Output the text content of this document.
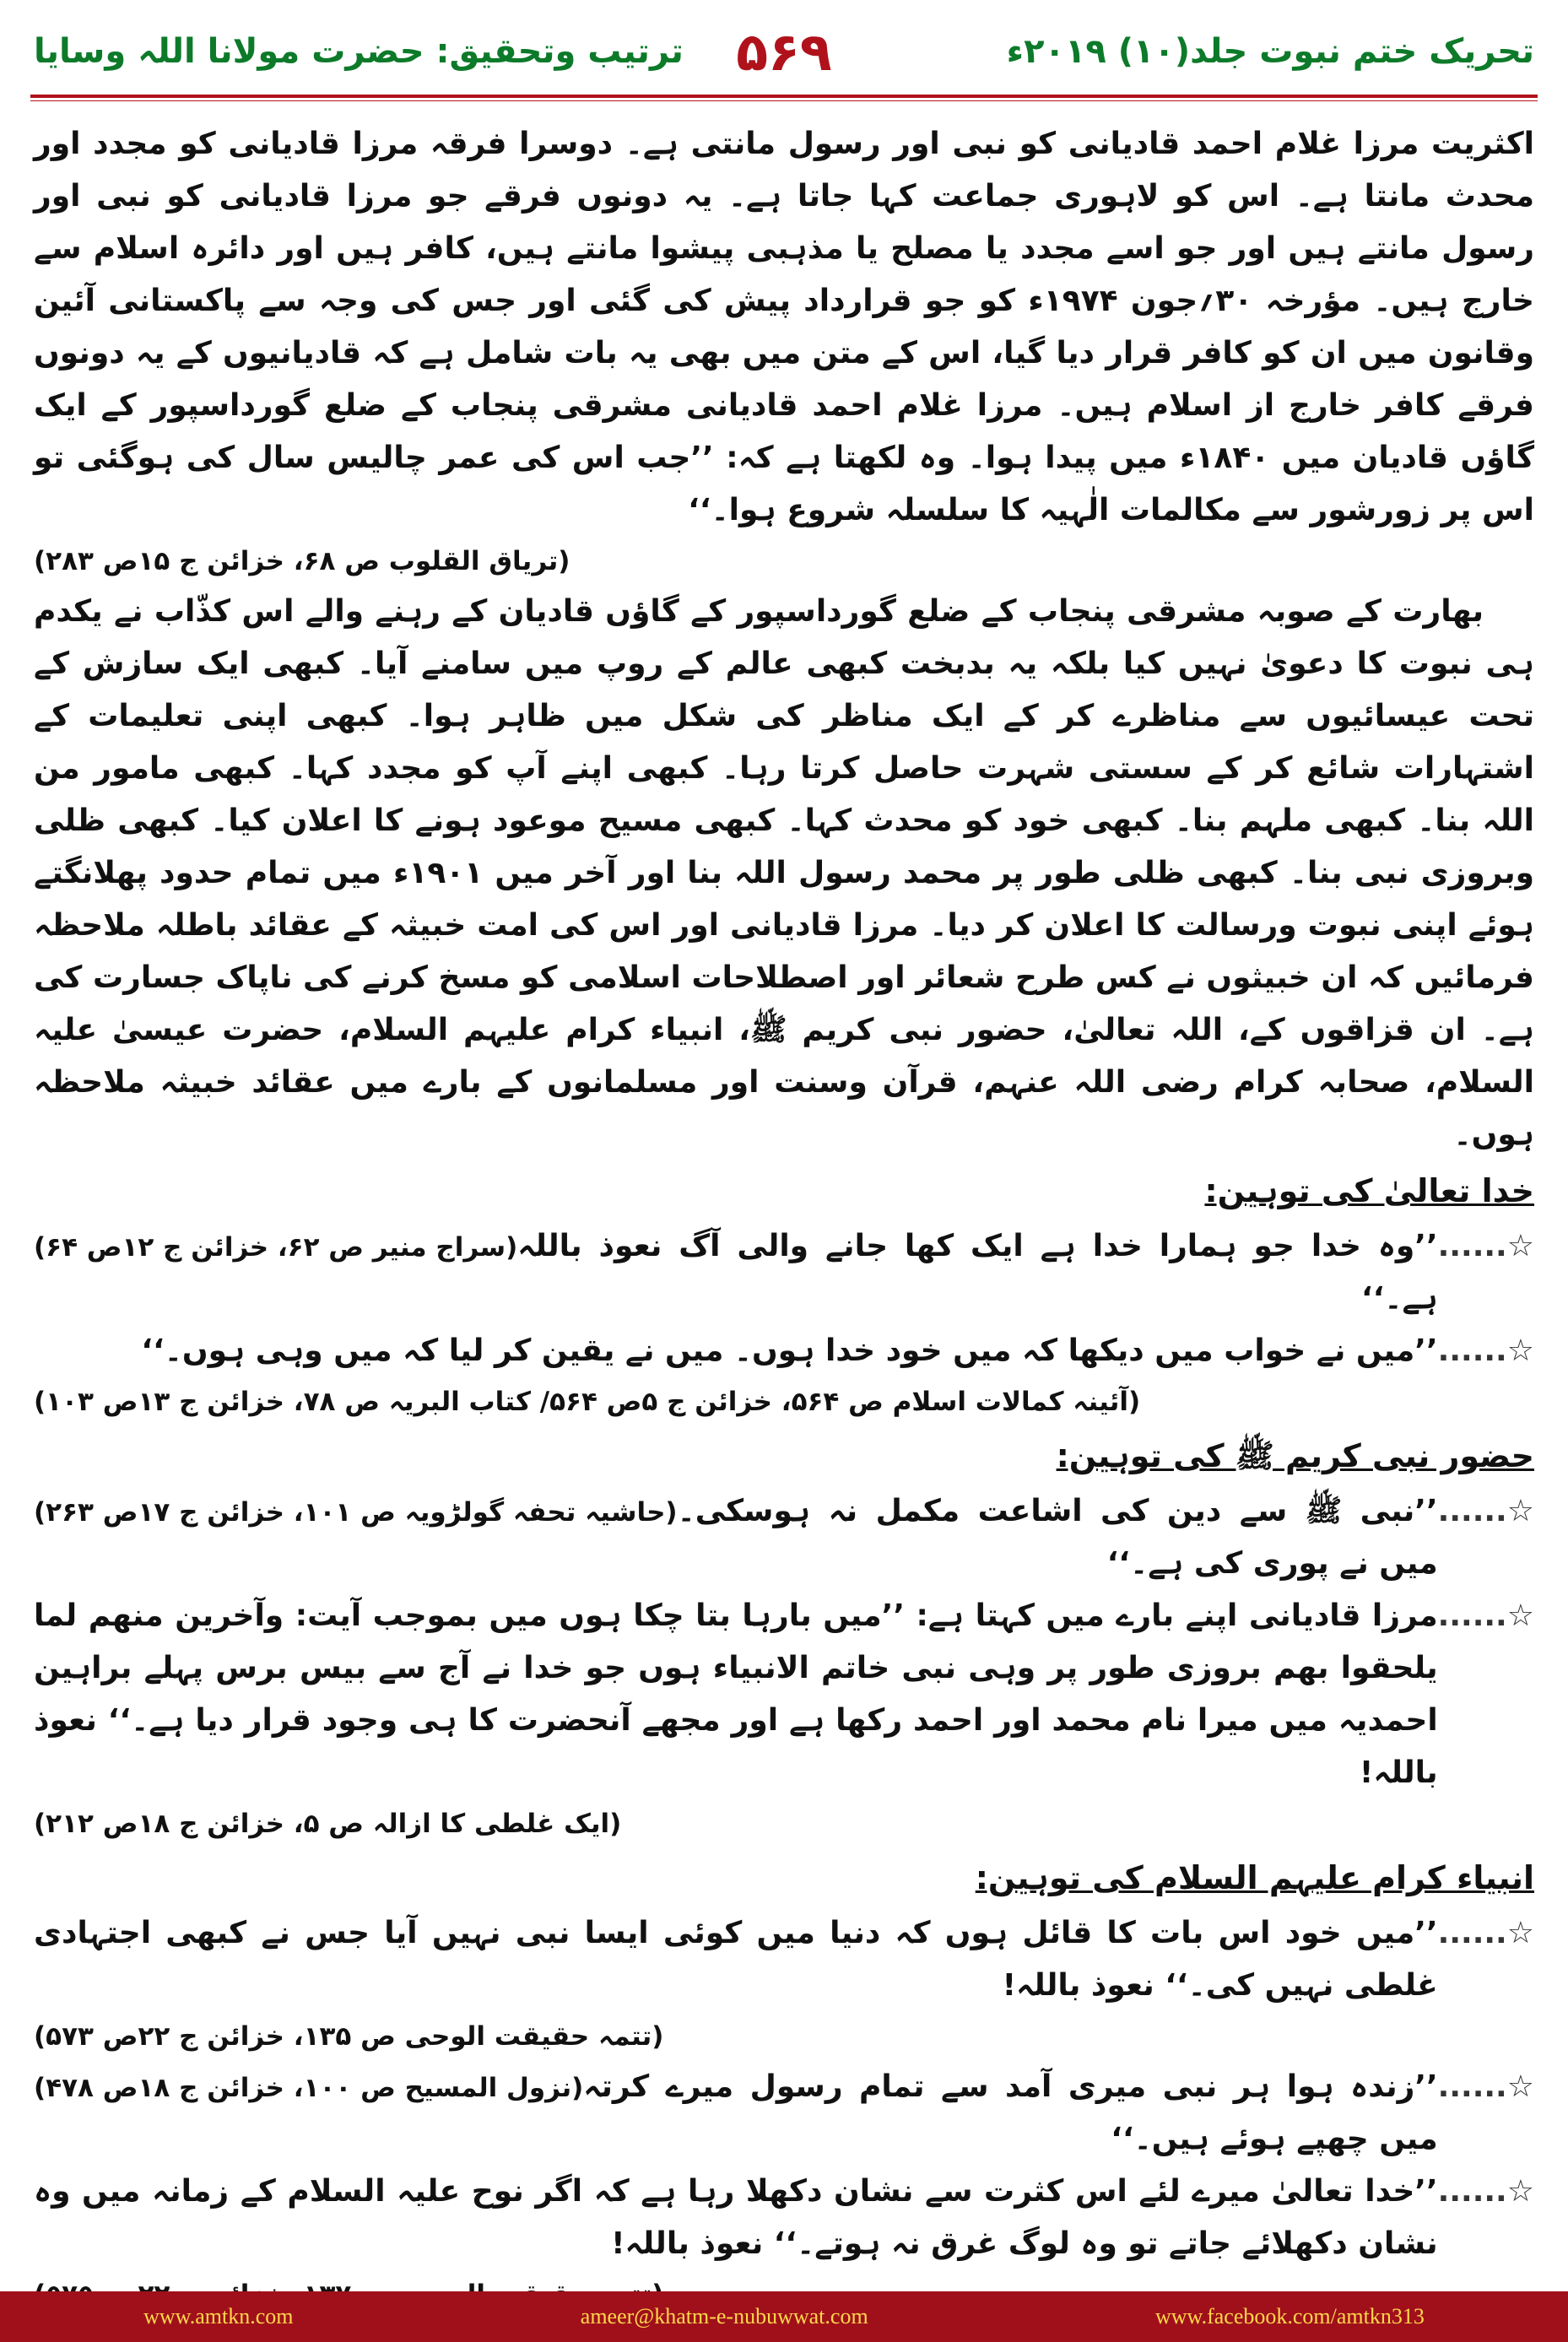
تحریک ختم نبوت جلد(۱۰) ۲۰۱۹ء
۵۶۹
ترتیب وتحقیق: حضرت مولانا اللہ وسایا

اکثریت مرزا غلام احمد قادیانی کو نبی اور رسول مانتی ہے۔ دوسرا فرقہ مرزا قادیانی کو مجدد اور محدث مانتا ہے۔ اس کو لاہوری جماعت کہا جاتا ہے۔ یہ دونوں فرقے جو مرزا قادیانی کو نبی اور رسول مانتے ہیں اور جو اسے مجدد یا مصلح یا مذہبی پیشوا مانتے ہیں، کافر ہیں اور دائرہ اسلام سے خارج ہیں۔ مؤرخہ ۳۰؍جون ۱۹۷۴ء کو جو قرارداد پیش کی گئی اور جس کی وجہ سے پاکستانی آئین وقانون میں ان کو کافر قرار دیا گیا، اس کے متن میں بھی یہ بات شامل ہے کہ قادیانیوں کے یہ دونوں فرقے کافر خارج از اسلام ہیں۔ مرزا غلام احمد قادیانی مشرقی پنجاب کے ضلع گورداسپور کے ایک گاؤں قادیان میں ۱۸۴۰ء میں پیدا ہوا۔ وہ لکھتا ہے کہ: ’’جب اس کی عمر چالیس سال کی ہوگئی تو اس پر زورشور سے مکالمات الٰہیہ کا سلسلہ شروع ہوا۔‘‘

(تریاق القلوب ص ۶۸، خزائن ج ۱۵ص ۲۸۳)

بھارت کے صوبہ مشرقی پنجاب کے ضلع گورداسپور کے گاؤں قادیان کے رہنے والے اس کذّاب نے یکدم ہی نبوت کا دعویٰ نہیں کیا بلکہ یہ بدبخت کبھی عالم کے روپ میں سامنے آیا۔ کبھی ایک سازش کے تحت عیسائیوں سے مناظرے کر کے ایک مناظر کی شکل میں ظاہر ہوا۔ کبھی اپنی تعلیمات کے اشتہارات شائع کر کے سستی شہرت حاصل کرتا رہا۔ کبھی اپنے آپ کو مجدد کہا۔ کبھی مامور من اللہ بنا۔ کبھی ملہم بنا۔ کبھی خود کو محدث کہا۔ کبھی مسیح موعود ہونے کا اعلان کیا۔ کبھی ظلی وبروزی نبی بنا۔ کبھی ظلی طور پر محمد رسول اللہ بنا اور آخر میں ۱۹۰۱ء میں تمام حدود پھلانگتے ہوئے اپنی نبوت ورسالت کا اعلان کر دیا۔ مرزا قادیانی اور اس کی امت خبیثہ کے عقائد باطلہ ملاحظہ فرمائیں کہ ان خبیثوں نے کس طرح شعائر اور اصطلاحات اسلامی کو مسخ کرنے کی ناپاک جسارت کی ہے۔ ان قزاقوں کے، اللہ تعالیٰ، حضور نبی کریم ﷺ، انبیاء کرام علیہم السلام، حضرت عیسیٰ علیہ السلام، صحابہ کرام رضی اللہ عنہم، قرآن وسنت اور مسلمانوں کے بارے میں عقائد خبیثہ ملاحظہ ہوں۔

خدا تعالیٰ کی توہین:
☆......
’’وہ خدا جو ہمارا خدا ہے ایک کھا جانے والی آگ نعوذ باللہ ہے۔‘‘
(سراج منیر ص ۶۲، خزائن ج ۱۲ص ۶۴)
☆......
’’میں نے خواب میں دیکھا کہ میں خود خدا ہوں۔ میں نے یقین کر لیا کہ میں وہی ہوں۔‘‘

(آئینہ کمالات اسلام ص ۵۶۴، خزائن ج ۵ص ۵۶۴/ کتاب البریہ ص ۷۸، خزائن ج ۱۳ص ۱۰۳)

حضور نبی کریم ﷺ کی توہین:
☆......
’’نبی ﷺ سے دین کی اشاعت مکمل نہ ہوسکی۔ میں نے پوری کی ہے۔‘‘
(حاشیہ تحفہ گولڑویہ ص ۱۰۱، خزائن ج ۱۷ص ۲۶۳)
☆......
مرزا قادیانی اپنے بارے میں کہتا ہے: ’’میں بارہا بتا چکا ہوں میں بموجب آیت: وآخرین منهم لما یلحقوا بهم بروزی طور پر وہی نبی خاتم الانبیاء ہوں جو خدا نے آج سے بیس برس پہلے براہین احمدیہ میں میرا نام محمد اور احمد رکھا ہے اور مجھے آنحضرت کا ہی وجود قرار دیا ہے۔‘‘ نعوذ باللہ!

(ایک غلطی کا ازالہ ص ۵، خزائن ج ۱۸ص ۲۱۲)

انبیاء کرام علیہم السلام کی توہین:
☆......
’’میں خود اس بات کا قائل ہوں کہ دنیا میں کوئی ایسا نبی نہیں آیا جس نے کبھی اجتہادی غلطی نہیں کی۔‘‘ نعوذ باللہ!

(تتمہ حقیقت الوحی ص ۱۳۵، خزائن ج ۲۲ص ۵۷۳)

☆......
’’زندہ ہوا ہر نبی میری آمد سے تمام رسول میرے کرتہ میں چھپے ہوئے ہیں۔‘‘
(نزول المسیح ص ۱۰۰، خزائن ج ۱۸ص ۴۷۸)
☆......
’’خدا تعالیٰ میرے لئے اس کثرت سے نشان دکھلا رہا ہے کہ اگر نوح علیہ السلام کے زمانہ میں وہ نشان دکھلائے جاتے تو وہ لوگ غرق نہ ہوتے۔‘‘ نعوذ باللہ!

www.amtkn.com	ameer@khatm-e-nubuwwat.com	www.facebook.com/amtkn313
